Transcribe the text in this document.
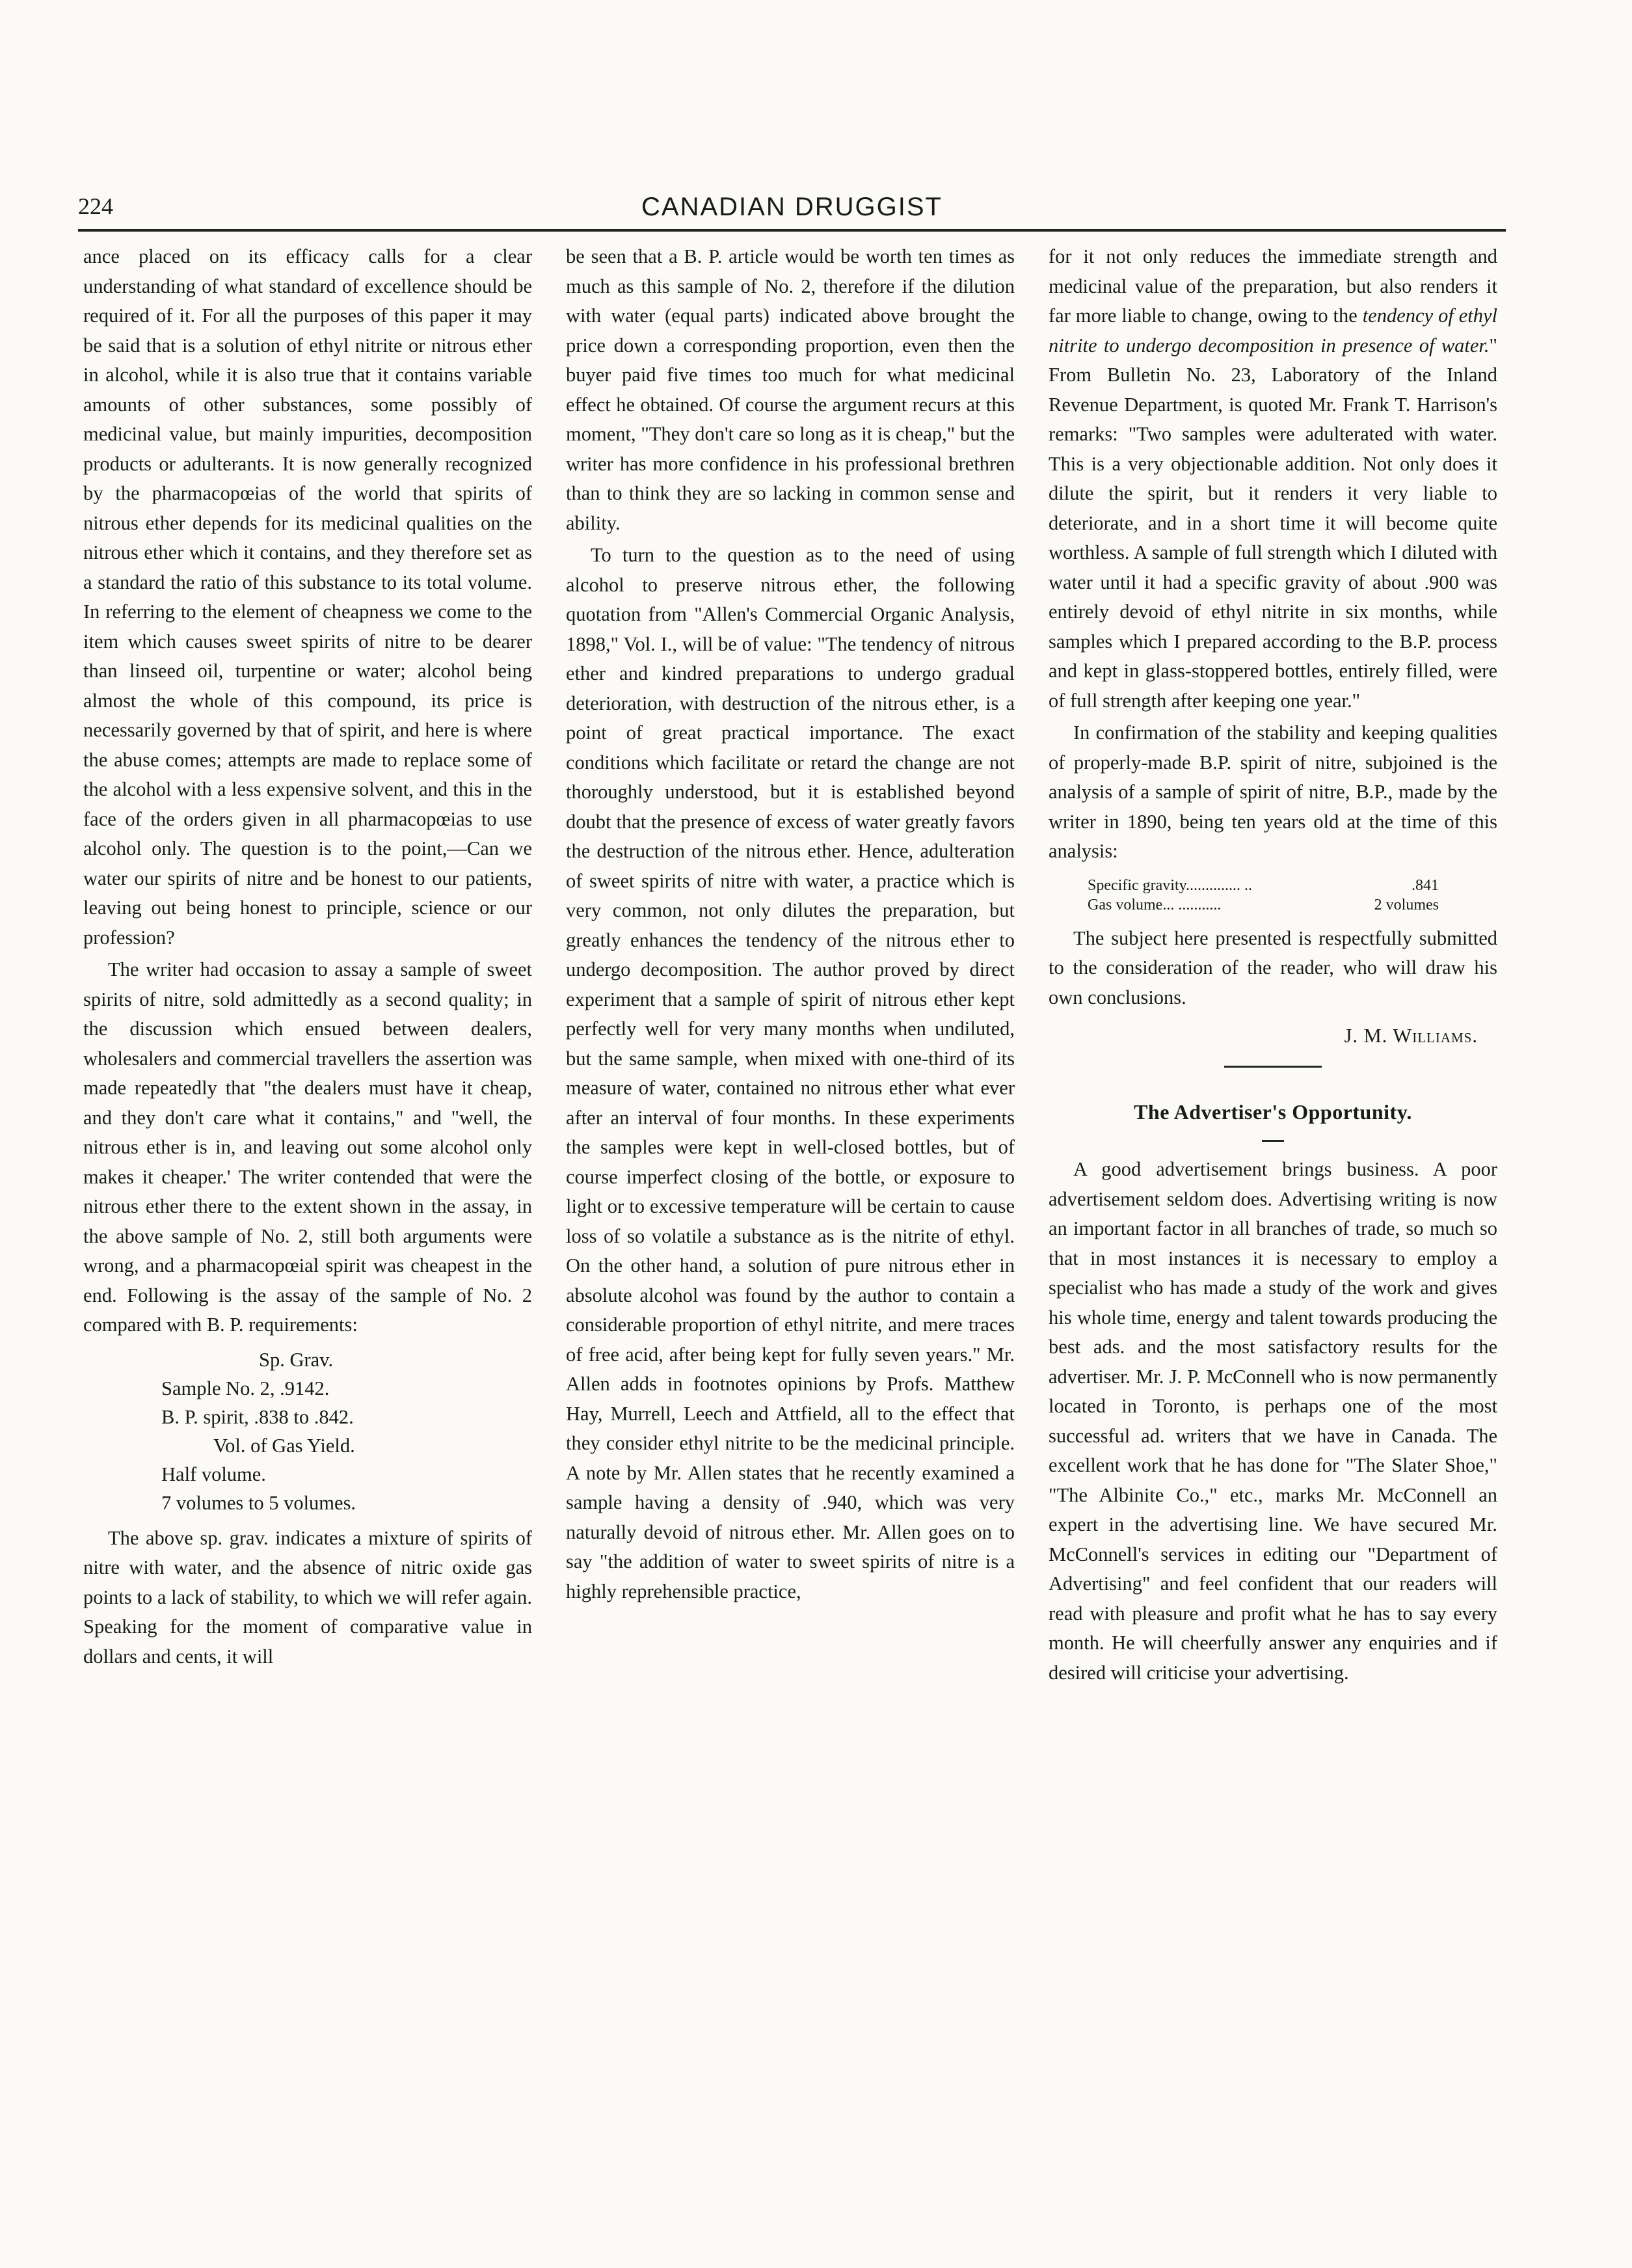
224	CANADIAN DRUGGIST

ance placed on its efficacy calls for a clear understanding of what standard of excellence should be required of it. For all the purposes of this paper it may be said that is a solution of ethyl nitrite or nitrous ether in alcohol, while it is also true that it contains variable amounts of other substances, some possibly of medicinal value, but mainly impurities, decomposition products or adulterants. It is now generally recognized by the pharmacopœias of the world that spirits of nitrous ether depends for its medicinal qualities on the nitrous ether which it contains, and they therefore set as a standard the ratio of this substance to its total volume. In referring to the element of cheapness we come to the item which causes sweet spirits of nitre to be dearer than linseed oil, turpentine or water; alcohol being almost the whole of this compound, its price is necessarily governed by that of spirit, and here is where the abuse comes; attempts are made to replace some of the alcohol with a less expensive solvent, and this in the face of the orders given in all pharmacopœias to use alcohol only. The question is to the point,—Can we water our spirits of nitre and be honest to our patients, leaving out being honest to principle, science or our profession?

The writer had occasion to assay a sample of sweet spirits of nitre, sold admittedly as a second quality; in the discussion which ensued between dealers, wholesalers and commercial travellers the assertion was made repeatedly that "the dealers must have it cheap, and they don't care what it contains," and "well, the nitrous ether is in, and leaving out some alcohol only makes it cheaper.' The writer contended that were the nitrous ether there to the extent shown in the assay, in the above sample of No. 2, still both arguments were wrong, and a pharmacopœial spirit was cheapest in the end. Following is the assay of the sample of No. 2 compared with B. P. requirements:

Sp. Grav.
Sample No. 2, .9142.
B. P. spirit, .838 to .842.
Vol. of Gas Yield.
Half volume.
7 volumes to 5 volumes.

The above sp. grav. indicates a mixture of spirits of nitre with water, and the absence of nitric oxide gas points to a lack of stability, to which we will refer again. Speaking for the moment of comparative value in dollars and cents, it will

be seen that a B. P. article would be worth ten times as much as this sample of No. 2, therefore if the dilution with water (equal parts) indicated above brought the price down a corresponding proportion, even then the buyer paid five times too much for what medicinal effect he obtained. Of course the argument recurs at this moment, "They don't care so long as it is cheap," but the writer has more confidence in his professional brethren than to think they are so lacking in common sense and ability.

To turn to the question as to the need of using alcohol to preserve nitrous ether, the following quotation from "Allen's Commercial Organic Analysis, 1898," Vol. I., will be of value: "The tendency of nitrous ether and kindred preparations to undergo gradual deterioration, with destruction of the nitrous ether, is a point of great practical importance. The exact conditions which facilitate or retard the change are not thoroughly understood, but it is established beyond doubt that the presence of excess of water greatly favors the destruction of the nitrous ether. Hence, adulteration of sweet spirits of nitre with water, a practice which is very common, not only dilutes the preparation, but greatly enhances the tendency of the nitrous ether to undergo decomposition. The author proved by direct experiment that a sample of spirit of nitrous ether kept perfectly well for very many months when undiluted, but the same sample, when mixed with one-third of its measure of water, contained no nitrous ether what ever after an interval of four months. In these experiments the samples were kept in well-closed bottles, but of course imperfect closing of the bottle, or exposure to light or to excessive temperature will be certain to cause loss of so volatile a substance as is the nitrite of ethyl. On the other hand, a solution of pure nitrous ether in absolute alcohol was found by the author to contain a considerable proportion of ethyl nitrite, and mere traces of free acid, after being kept for fully seven years." Mr. Allen adds in footnotes opinions by Profs. Matthew Hay, Murrell, Leech and Attfield, all to the effect that they consider ethyl nitrite to be the medicinal principle. A note by Mr. Allen states that he recently examined a sample having a density of .940, which was very naturally devoid of nitrous ether. Mr. Allen goes on to say "the addition of water to sweet spirits of nitre is a highly reprehensible practice,

for it not only reduces the immediate strength and medicinal value of the preparation, but also renders it far more liable to change, owing to the tendency of ethyl nitrite to undergo decomposition in presence of water." From Bulletin No. 23, Laboratory of the Inland Revenue Department, is quoted Mr. Frank T. Harrison's remarks: "Two samples were adulterated with water. This is a very objectionable addition. Not only does it dilute the spirit, but it renders it very liable to deteriorate, and in a short time it will become quite worthless. A sample of full strength which I diluted with water until it had a specific gravity of about .900 was entirely devoid of ethyl nitrite in six months, while samples which I prepared according to the B.P. process and kept in glass-stoppered bottles, entirely filled, were of full strength after keeping one year."

In confirmation of the stability and keeping qualities of properly-made B.P. spirit of nitre, subjoined is the analysis of a sample of spirit of nitre, B.P., made by the writer in 1890, being ten years old at the time of this analysis:

Specific gravity.............. ..	.841
Gas volume... ...........	2 volumes

The subject here presented is respectfully submitted to the consideration of the reader, who will draw his own conclusions.

J. M. Williams.
The Advertiser's Opportunity.

A good advertisement brings business. A poor advertisement seldom does. Advertising writing is now an important factor in all branches of trade, so much so that in most instances it is necessary to employ a specialist who has made a study of the work and gives his whole time, energy and talent towards producing the best ads. and the most satisfactory results for the advertiser. Mr. J. P. McConnell who is now permanently located in Toronto, is perhaps one of the most successful ad. writers that we have in Canada. The excellent work that he has done for "The Slater Shoe," "The Albinite Co.," etc., marks Mr. McConnell an expert in the advertising line. We have secured Mr. McConnell's services in editing our "Department of Advertising" and feel confident that our readers will read with pleasure and profit what he has to say every month. He will cheerfully answer any enquiries and if desired will criticise your advertising.
